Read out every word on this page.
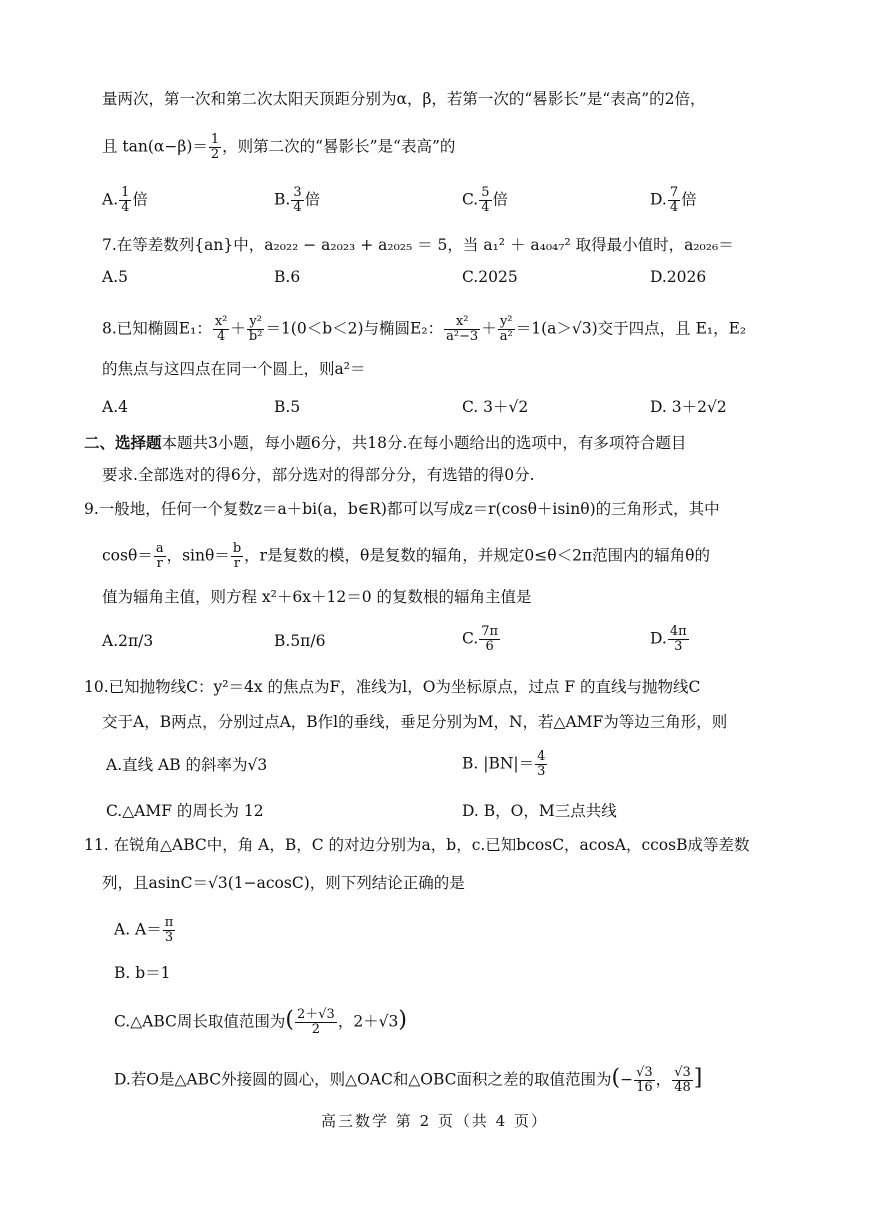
量两次，第一次和第二次太阳天顶距分别为α，β，若第一次的“晷影长”是“表高”的2倍，
且 $\tan(\alpha-\beta)= \frac{1}{2}$ ，则第二次的“晷影长”是“表高”的
A. $\frac{1}{4}$ 倍	B. $\frac{3}{4}$ 倍	C. $\frac{5}{4}$ 倍	D. $\frac{7}{4}$ 倍
7.在等差数列{an}中，a₂₀₂₂ − a₂₀₂₃ + a₂₀₂₅ ＝ 5，当 a₁² ＋ a₄₀₄₇² 取得最小值时，a₂₀₂₆＝
A.5	B.6	C.2025	D.2026
8.已知椭圆E₁： $\frac{\text{x²}}{4} + \frac{\text{y²}}{\text{b²}} =1(0<b<2)$与椭圆E₂： $\frac{\text{x²}}{\text{a²−3}} + \frac{\text{y²}}{\text{a²}} =1(a>√3)$交于四点，且 E₁，E₂
的焦点与这四点在同一个圆上，则a²＝
A.4	B.5	C. 3＋√2	D. 3＋2√2
二、选择题本题共3小题，每小题6分，共18分.在每小题给出的选项中，有多项符合题目
要求.全部选对的得6分，部分选对的得部分分，有选错的得0分.
9.一般地，任何一个复数z＝a＋bi(a，b∈R)都可以写成z＝r(cosθ＋isinθ)的三角形式，其中
$\cos\theta= \frac{a}{r}$ ，$\sin\theta= \frac{b}{r}$ ，r是复数的模，θ是复数的辐角，并规定0≤θ＜2π范围内的辐角θ的
值为辐角主值，则方程 x²＋6x＋12＝0 的复数根的辐角主值是
A.2π/3	B.5π/6	C. $\frac{7\pi}{6}$	D. $\frac{4\pi}{3}$
10.已知抛物线C：y²＝4x 的焦点为F，准线为l，O为坐标原点，过点 F 的直线与抛物线C
交于A，B两点，分别过点A，B作l的垂线，垂足分别为M，N，若△AMF为等边三角形，则
A.直线 AB 的斜率为√3	B. $|BN|= \frac{4}{3}$
C.△AMF 的周长为 12	D. B，O，M三点共线
11. 在锐角△ABC中，角 A，B，C 的对边分别为a，b，c.已知bcosC，acosA，ccosB成等差数
列，且asinC＝√3(1−acosC)，则下列结论正确的是
A. $A= \frac{\pi}{3}$
B. b＝1
C.△ABC周长取值范围为( $\frac{2+√3}{2}$ ，2＋√3)
D.若O是△ABC外接圆的圆心，则△OAC和△OBC面积之差的取值范围为(− $\frac{√3}{16}$ ， $\frac{√3}{48}$ ]
高三数学 第 2 页（共 4 页）
